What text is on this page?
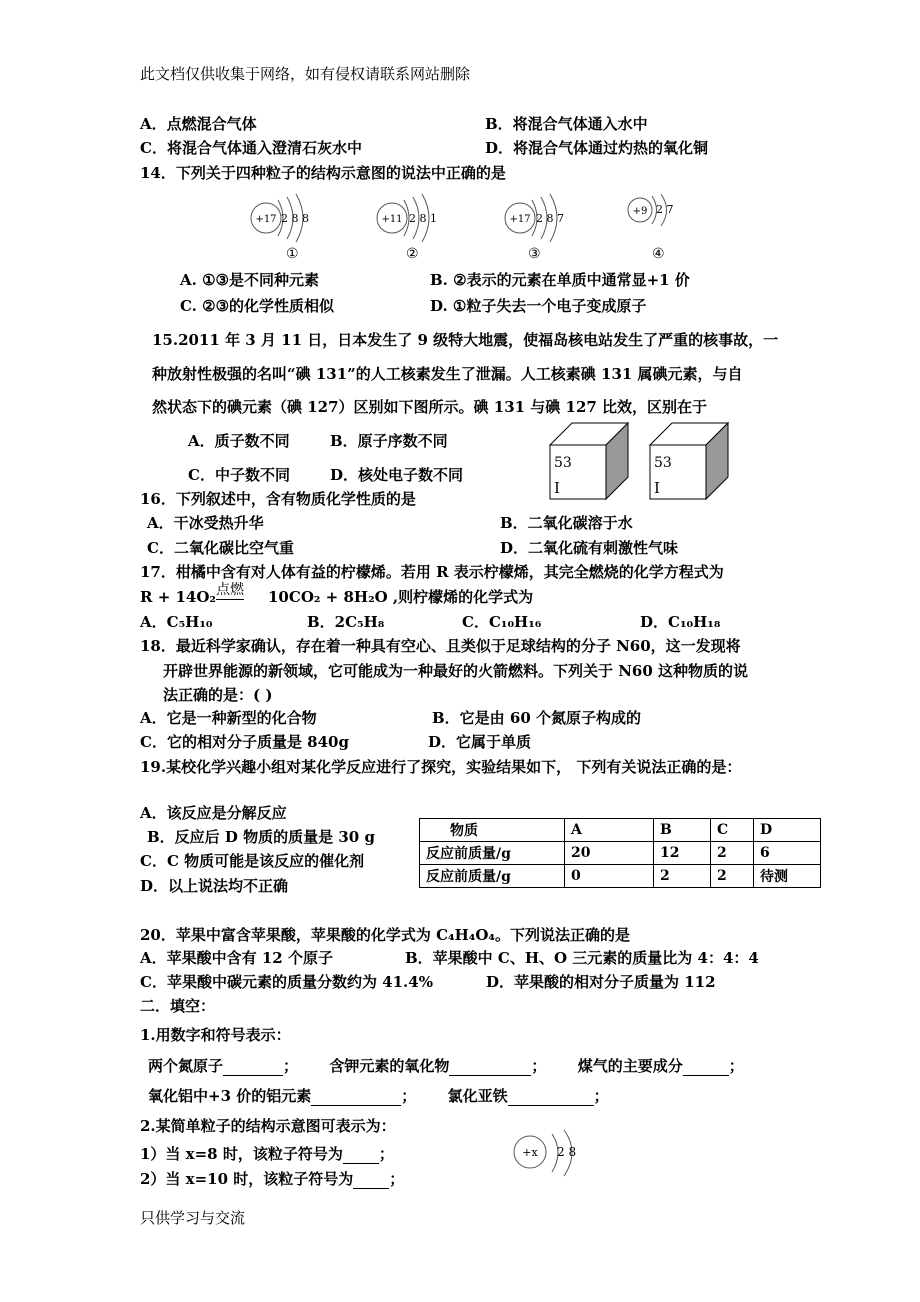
此文档仅供收集于网络，如有侵权请联系网站删除
A．点燃混合气体	B．将混合气体通入水中
C．将混合气体通入澄清石灰水中	D．将混合气体通过灼热的氧化铜
14．下列关于四种粒子的结构示意图的说法中正确的是
+17 2 8 8
①
+11 2 8 1
②
+17 2 8 7
③
+9 2 7
④
A. ①③是不同种元素	B. ②表示的元素在单质中通常显+1 价
C. ②③的化学性质相似	D. ①粒子失去一个电子变成原子
15.2011 年 3 月 11 日，日本发生了 9 级特大地震，使福岛核电站发生了严重的核事故，一
种放射性极强的名叫“碘 131”的人工核素发生了泄漏。人工核素碘 131 属碘元素，与自
然状态下的碘元素（碘 127）区别如下图所示。碘 131 与碘 127 比效，区别在于
A．质子数不同	B．原子序数不同
C．中子数不同	D．核处电子数不同
53
I
53
I
16．下列叙述中，含有物质化学性质的是
A．干冰受热升华	B．二氧化碳溶于水
C．二氧化碳比空气重	D．二氧化硫有刺激性气味
17．柑橘中含有对人体有益的柠檬烯。若用 R 表示柠檬烯，其完全燃烧的化学方程式为
R + 14O₂ 点燃 10CO₂ + 8H₂O ,则柠檬烯的化学式为
A．C₅H₁₀	B．2C₅H₈	C．C₁₀H₁₆	D．C₁₀H₁₈
18．最近科学家确认，存在着一种具有空心、且类似于足球结构的分子 N60，这一发现将
开辟世界能源的新领域，它可能成为一种最好的火箭燃料。下列关于 N60 这种物质的说
法正确的是：( )
A．它是一种新型的化合物	B．它是由 60 个氮原子构成的
C．它的相对分子质量是 840g	D．它属于单质
19.某校化学兴趣小组对某化学反应进行了探究，实验结果如下， 下列有关说法正确的是：
A．该反应是分解反应
B．反应后 D 物质的质量是 30 g
C．C 物质可能是该反应的催化剂
D．以上说法均不正确
物质	A	B	C	D
反应前质量/g	20	12	2	6
反应前质量/g	0	2	2	待测
20．苹果中富含苹果酸，苹果酸的化学式为 C₄H₄O₄。下列说法正确的是
A．苹果酸中含有 12 个原子	B．苹果酸中 C、H、O 三元素的质量比为 4：4：4
C．苹果酸中碳元素的质量分数约为 41.4%	D．苹果酸的相对分子质量为 112
二．填空：
1.用数字和符号表示：
两个氮原子	；      含钾元素的氧化物	；      煤气的主要成分	；
氧化铝中+3 价的铝元素	；      氯化亚铁	；
2.某简单粒子的结构示意图可表示为：
1）当 x=8 时，该粒子符号为 ；
2）当 x=10 时，该粒子符号为 ；
+x 2 8
只供学习与交流
